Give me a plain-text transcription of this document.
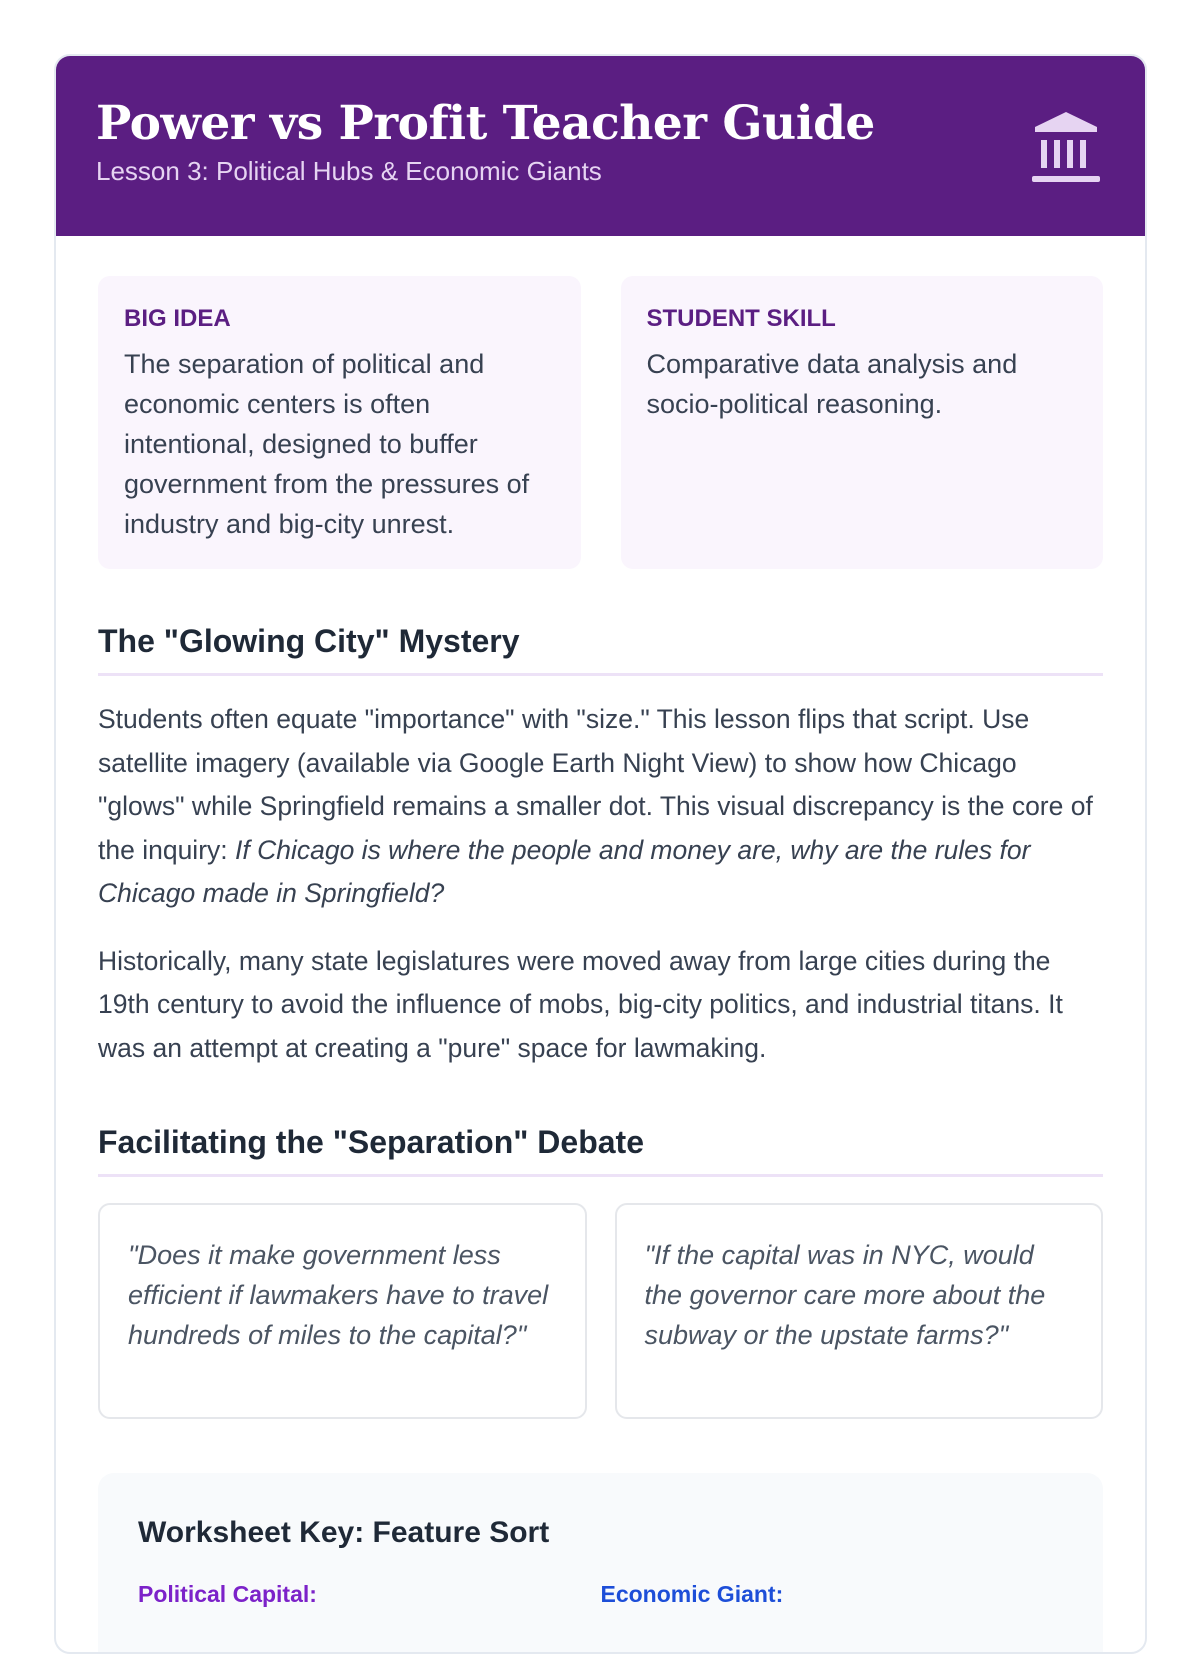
Power vs Profit Teacher Guide
Lesson 3: Political Hubs & Economic Giants
BIG IDEA
The separation of political and economic centers is often intentional, designed to buffer government from the pressures of industry and big-city unrest.
STUDENT SKILL
Comparative data analysis and socio-political reasoning.
The "Glowing City" Mystery

Students often equate "importance" with "size." This lesson flips that script. Use satellite imagery (available via Google Earth Night View) to show how Chicago "glows" while Springfield remains a smaller dot. This visual discrepancy is the core of the inquiry: If Chicago is where the people and money are, why are the rules for Chicago made in Springfield?

Historically, many state legislatures were moved away from large cities during the 19th century to avoid the influence of mobs, big-city politics, and industrial titans. It was an attempt at creating a "pure" space for lawmaking.

Facilitating the "Separation" Debate
"Does it make government less efficient if lawmakers have to travel hundreds of miles to the capital?"
"If the capital was in NYC, would the governor care more about the subway or the upstate farms?"
Worksheet Key: Feature Sort
Political Capital:	Economic Giant:
